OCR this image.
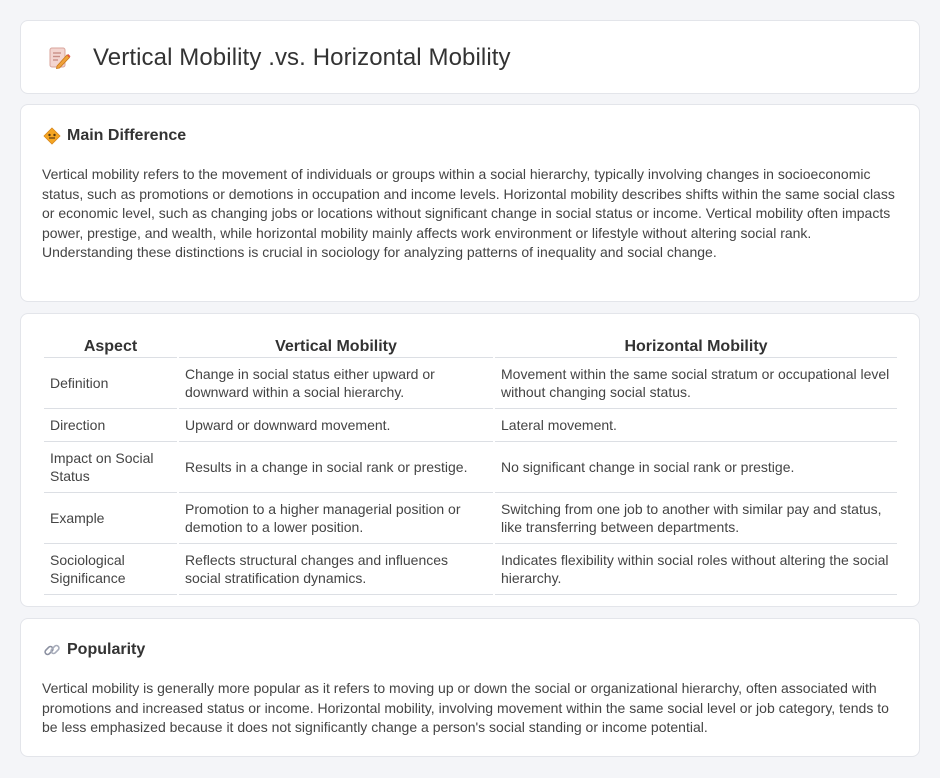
Vertical Mobility .vs. Horizontal Mobility
Main Difference

Vertical mobility refers to the movement of individuals or groups within a social hierarchy, typically involving changes in socioeconomic status, such as promotions or demotions in occupation and income levels. Horizontal mobility describes shifts within the same social class or economic level, such as changing jobs or locations without significant change in social status or income. Vertical mobility often impacts power, prestige, and wealth, while horizontal mobility mainly affects work environment or lifestyle without altering social rank. Understanding these distinctions is crucial in sociology for analyzing patterns of inequality and social change.

Aspect	Vertical Mobility	Horizontal Mobility
Definition	Change in social status either upward or downward within a social hierarchy.	Movement within the same social stratum or occupational level without changing social status.
Direction	Upward or downward movement.	Lateral movement.
Impact on Social Status	Results in a change in social rank or prestige.	No significant change in social rank or prestige.
Example	Promotion to a higher managerial position or demotion to a lower position.	Switching from one job to another with similar pay and status, like transferring between departments.
Sociological Significance	Reflects structural changes and influences social stratification dynamics.	Indicates flexibility within social roles without altering the social hierarchy.
Popularity

Vertical mobility is generally more popular as it refers to moving up or down the social or organizational hierarchy, often associated with promotions and increased status or income. Horizontal mobility, involving movement within the same social level or job category, tends to be less emphasized because it does not significantly change a person's social standing or income potential.
